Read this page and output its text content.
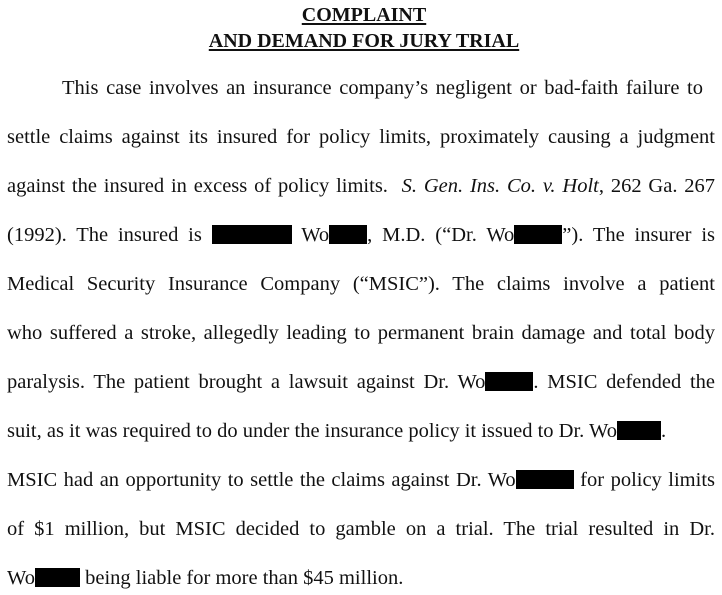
COMPLAINT
AND DEMAND FOR JURY TRIAL
This case involves an insurance company’s negligent or bad-faith failure to
settle claims against its insured for policy limits, proximately causing a judgment
against the insured in excess of policy limits. S. Gen. Ins. Co. v. Holt, 262 Ga. 267
(1992). The insured is	Wo , M.D. (“Dr. Wo ”). The insurer is
Medical Security Insurance Company (“MSIC”). The claims involve a patient
who suffered a stroke, allegedly leading to permanent brain damage and total body
paralysis. The patient brought a lawsuit against Dr. Wo . MSIC defended the
suit, as it was required to do under the insurance policy it issued to Dr. Wo .
MSIC had an opportunity to settle the claims against Dr. Wo	for policy limits
of $1 million, but MSIC decided to gamble on a trial. The trial resulted in Dr.
Wo being liable for more than $45 million.
